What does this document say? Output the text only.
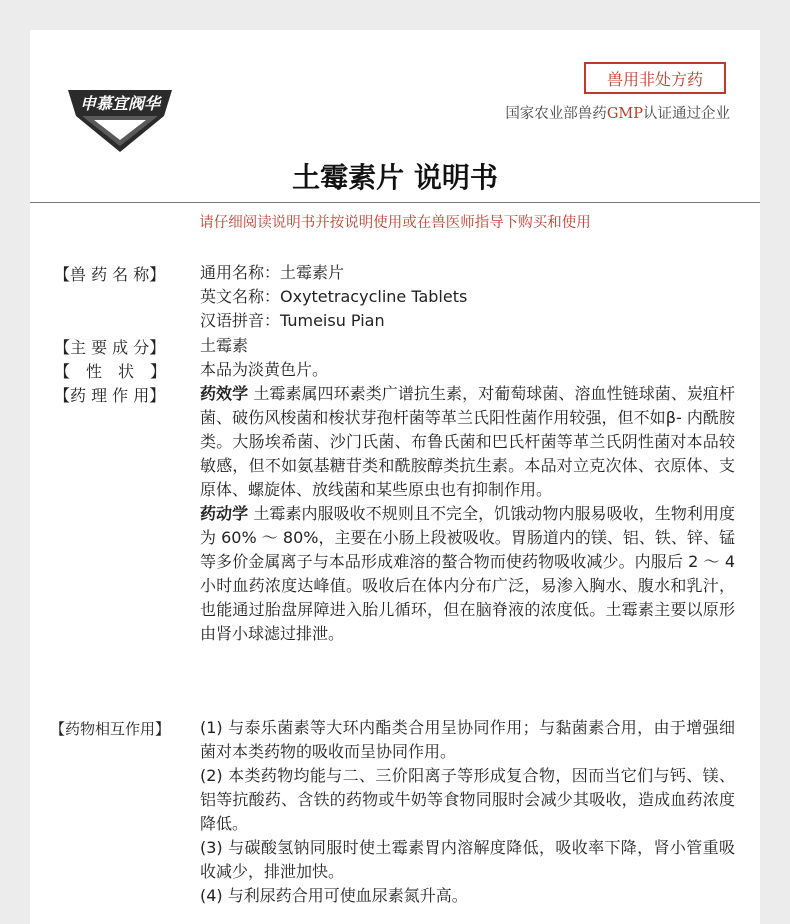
申慕宜阀华
兽用非处方药
国家农业部兽药GMP认证通过企业
土霉素片 说明书
请仔细阅读说明书并按说明使用或在兽医师指导下购买和使用
【兽 药 名 称】	通用名称：土霉素片
英文名称：Oxytetracycline Tablets
汉语拼音：Tumeisu Pian
【主 要 成 分】	土霉素
【　性　状　】	本品为淡黄色片。
【药 理 作 用】	药效学 土霉素属四环素类广谱抗生素，对葡萄球菌、溶血性链球菌、炭疽杆菌、破伤风梭菌和梭状芽孢杆菌等革兰氏阳性菌作用较强，但不如β- 内酰胺类。大肠埃希菌、沙门氏菌、布鲁氏菌和巴氏杆菌等革兰氏阴性菌对本品较敏感，但不如氨基糖苷类和酰胺醇类抗生素。本品对立克次体、衣原体、支原体、螺旋体、放线菌和某些原虫也有抑制作用。

药动学 土霉素内服吸收不规则且不完全，饥饿动物内服易吸收，生物利用度为 60% ～ 80%，主要在小肠上段被吸收。胃肠道内的镁、铝、铁、锌、锰等多价金属离子与本品形成难溶的螯合物而使药物吸收减少。内服后 2 ～ 4 小时血药浓度达峰值。吸收后在体内分布广泛，易渗入胸水、腹水和乳汁，也能通过胎盘屏障进入胎儿循环，但在脑脊液的浓度低。土霉素主要以原形由肾小球滤过排泄。

【药物相互作用】	(1) 与泰乐菌素等大环内酯类合用呈协同作用；与黏菌素合用，由于增强细菌对本类药物的吸收而呈协同作用。

(2) 本类药物均能与二、三价阳离子等形成复合物，因而当它们与钙、镁、铝等抗酸药、含铁的药物或牛奶等食物同服时会减少其吸收，造成血药浓度降低。

(3) 与碳酸氢钠同服时使土霉素胃内溶解度降低，吸收率下降，肾小管重吸收减少，排泄加快。

(4) 与利尿药合用可使血尿素氮升高。
